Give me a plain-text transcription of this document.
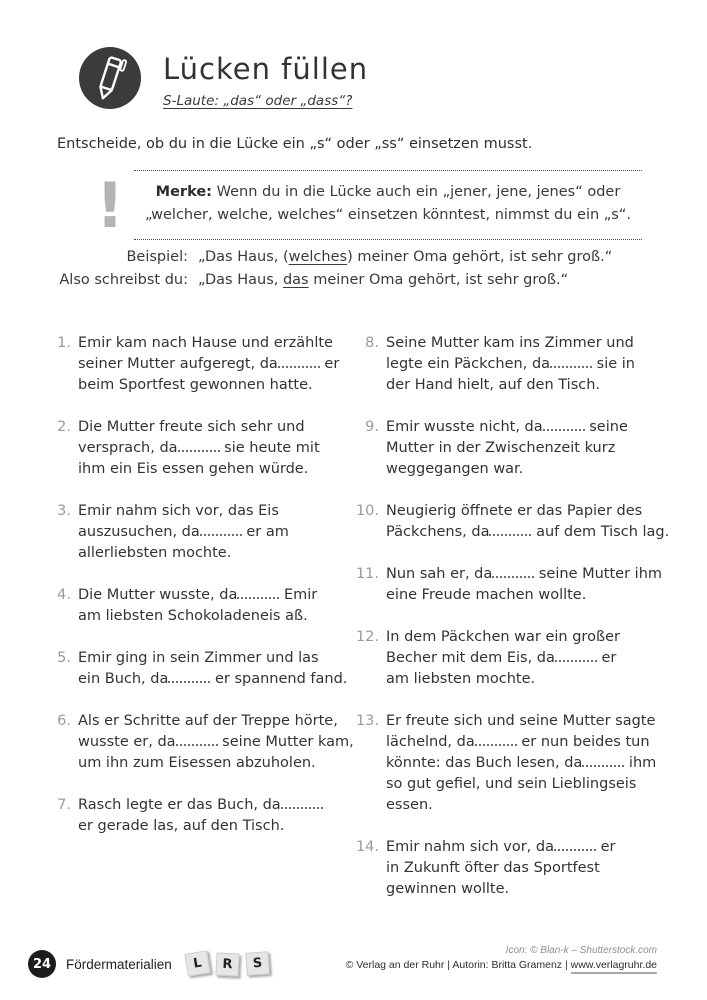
Lücken füllen
S-Laute: „das“ oder „dass“?

Entscheide, ob du in die Lücke ein „s“ oder „ss“ einsetzen musst.

!	Merke: Wenn du in die Lücke auch ein „jener, jene, jenes“ oder
„welcher, welche, welches“ einsetzen könntest, nimmst du ein „s“.
Beispiel: „Das Haus, (welches) meiner Oma gehört, ist sehr groß.“
Also schreibst du: „Das Haus, das meiner Oma gehört, ist sehr groß.“
1. Emir kam nach Hause und erzählte
seiner Mutter aufgeregt, da	er
beim Sportfest gewonnen hatte.
2. Die Mutter freute sich sehr und
versprach, da	sie heute mit
ihm ein Eis essen gehen würde.
3. Emir nahm sich vor, das Eis
auszusuchen, da	er am
allerliebsten mochte.
4. Die Mutter wusste, da	Emir
am liebsten Schokoladeneis aß.
5. Emir ging in sein Zimmer und las
ein Buch, da	er spannend fand.
6. Als er Schritte auf der Treppe hörte,
wusste er, da	seine Mutter kam,
um ihn zum Eisessen abzuholen.
7. Rasch legte er das Buch, da
er gerade las, auf den Tisch.
8. Seine Mutter kam ins Zimmer und
legte ein Päckchen, da	sie in
der Hand hielt, auf den Tisch.
9. Emir wusste nicht, da	seine
Mutter in der Zwischenzeit kurz
weggegangen war.
10. Neugierig öffnete er das Papier des
Päckchens, da	auf dem Tisch lag.
11. Nun sah er, da	seine Mutter ihm
eine Freude machen wollte.
12. In dem Päckchen war ein großer
Becher mit dem Eis, da	er
am liebsten mochte.
13. Er freute sich und seine Mutter sagte
lächelnd, da	er nun beides tun
könnte: das Buch lesen, da	ihm
so gut gefiel, und sein Lieblingseis
essen.
14. Emir nahm sich vor, da	er
in Zukunft öfter das Sportfest
gewinnen wollte.
24	Fördermaterialien	L	R	S
Icon: © Blan-k – Shutterstock.com
© Verlag an der Ruhr | Autorin: Britta Gramenz | www.verlagruhr.de
